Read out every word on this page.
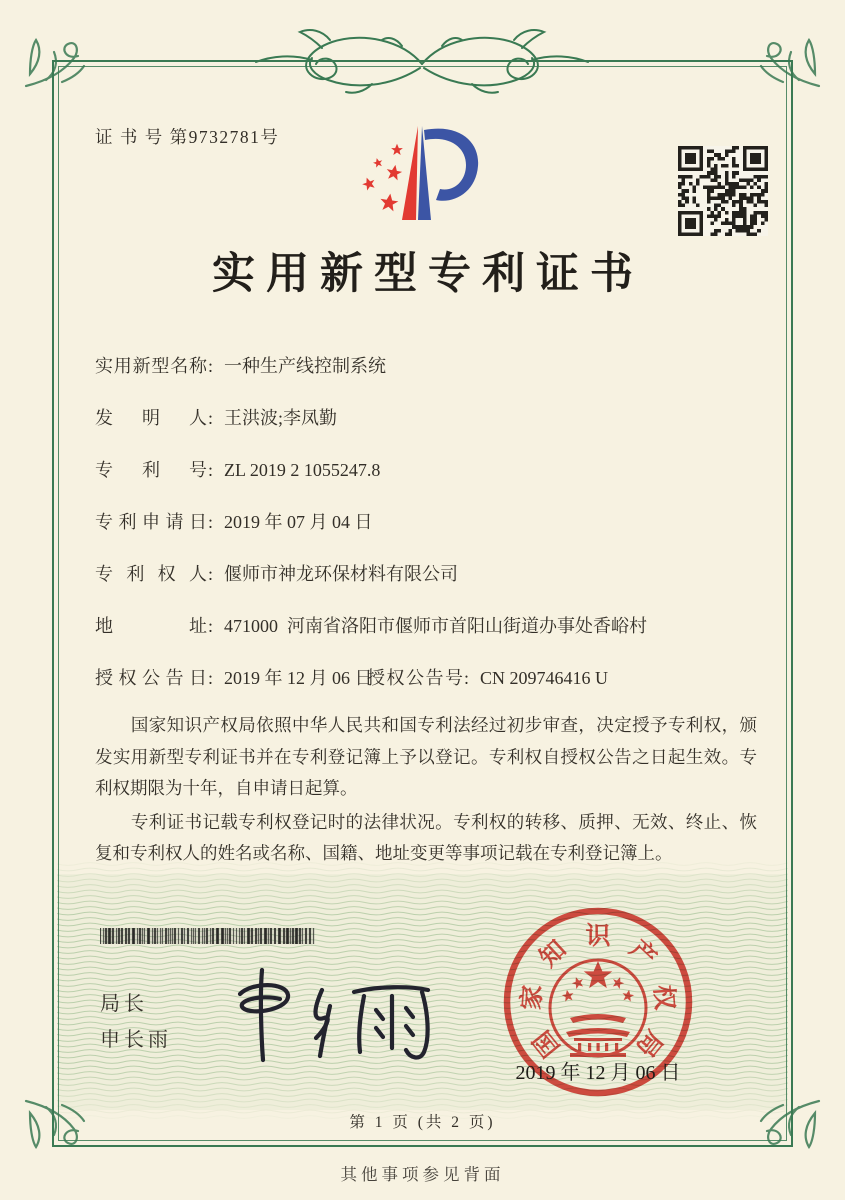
证 书 号 第9732781号
实用新型专利证书
实用新型名称: 一种生产线控制系统
发明人: 王洪波;李凤勤
专利号: ZL 2019 2 1055247.8
专利申请日: 2019 年 07 月 04 日
专利权人: 偃师市神龙环保材料有限公司
地址: 471000  河南省洛阳市偃师市首阳山街道办事处香峪村
授权公告日: 2019 年 12 月 06 日
授权公告号: CN 209746416 U

国家知识产权局依照中华人民共和国专利法经过初步审查，决定授予专利权，颁发实用新型专利证书并在专利登记簿上予以登记。专利权自授权公告之日起生效。专利权期限为十年，自申请日起算。

专利证书记载专利权登记时的法律状况。专利权的转移、质押、无效、终止、恢复和专利权人的姓名或名称、国籍、地址变更等事项记载在专利登记簿上。

局长
申长雨	国
家
知 识 产
权
局
2019 年 12 月 06 日
第 1 页 (共 2 页)
其他事项参见背面
